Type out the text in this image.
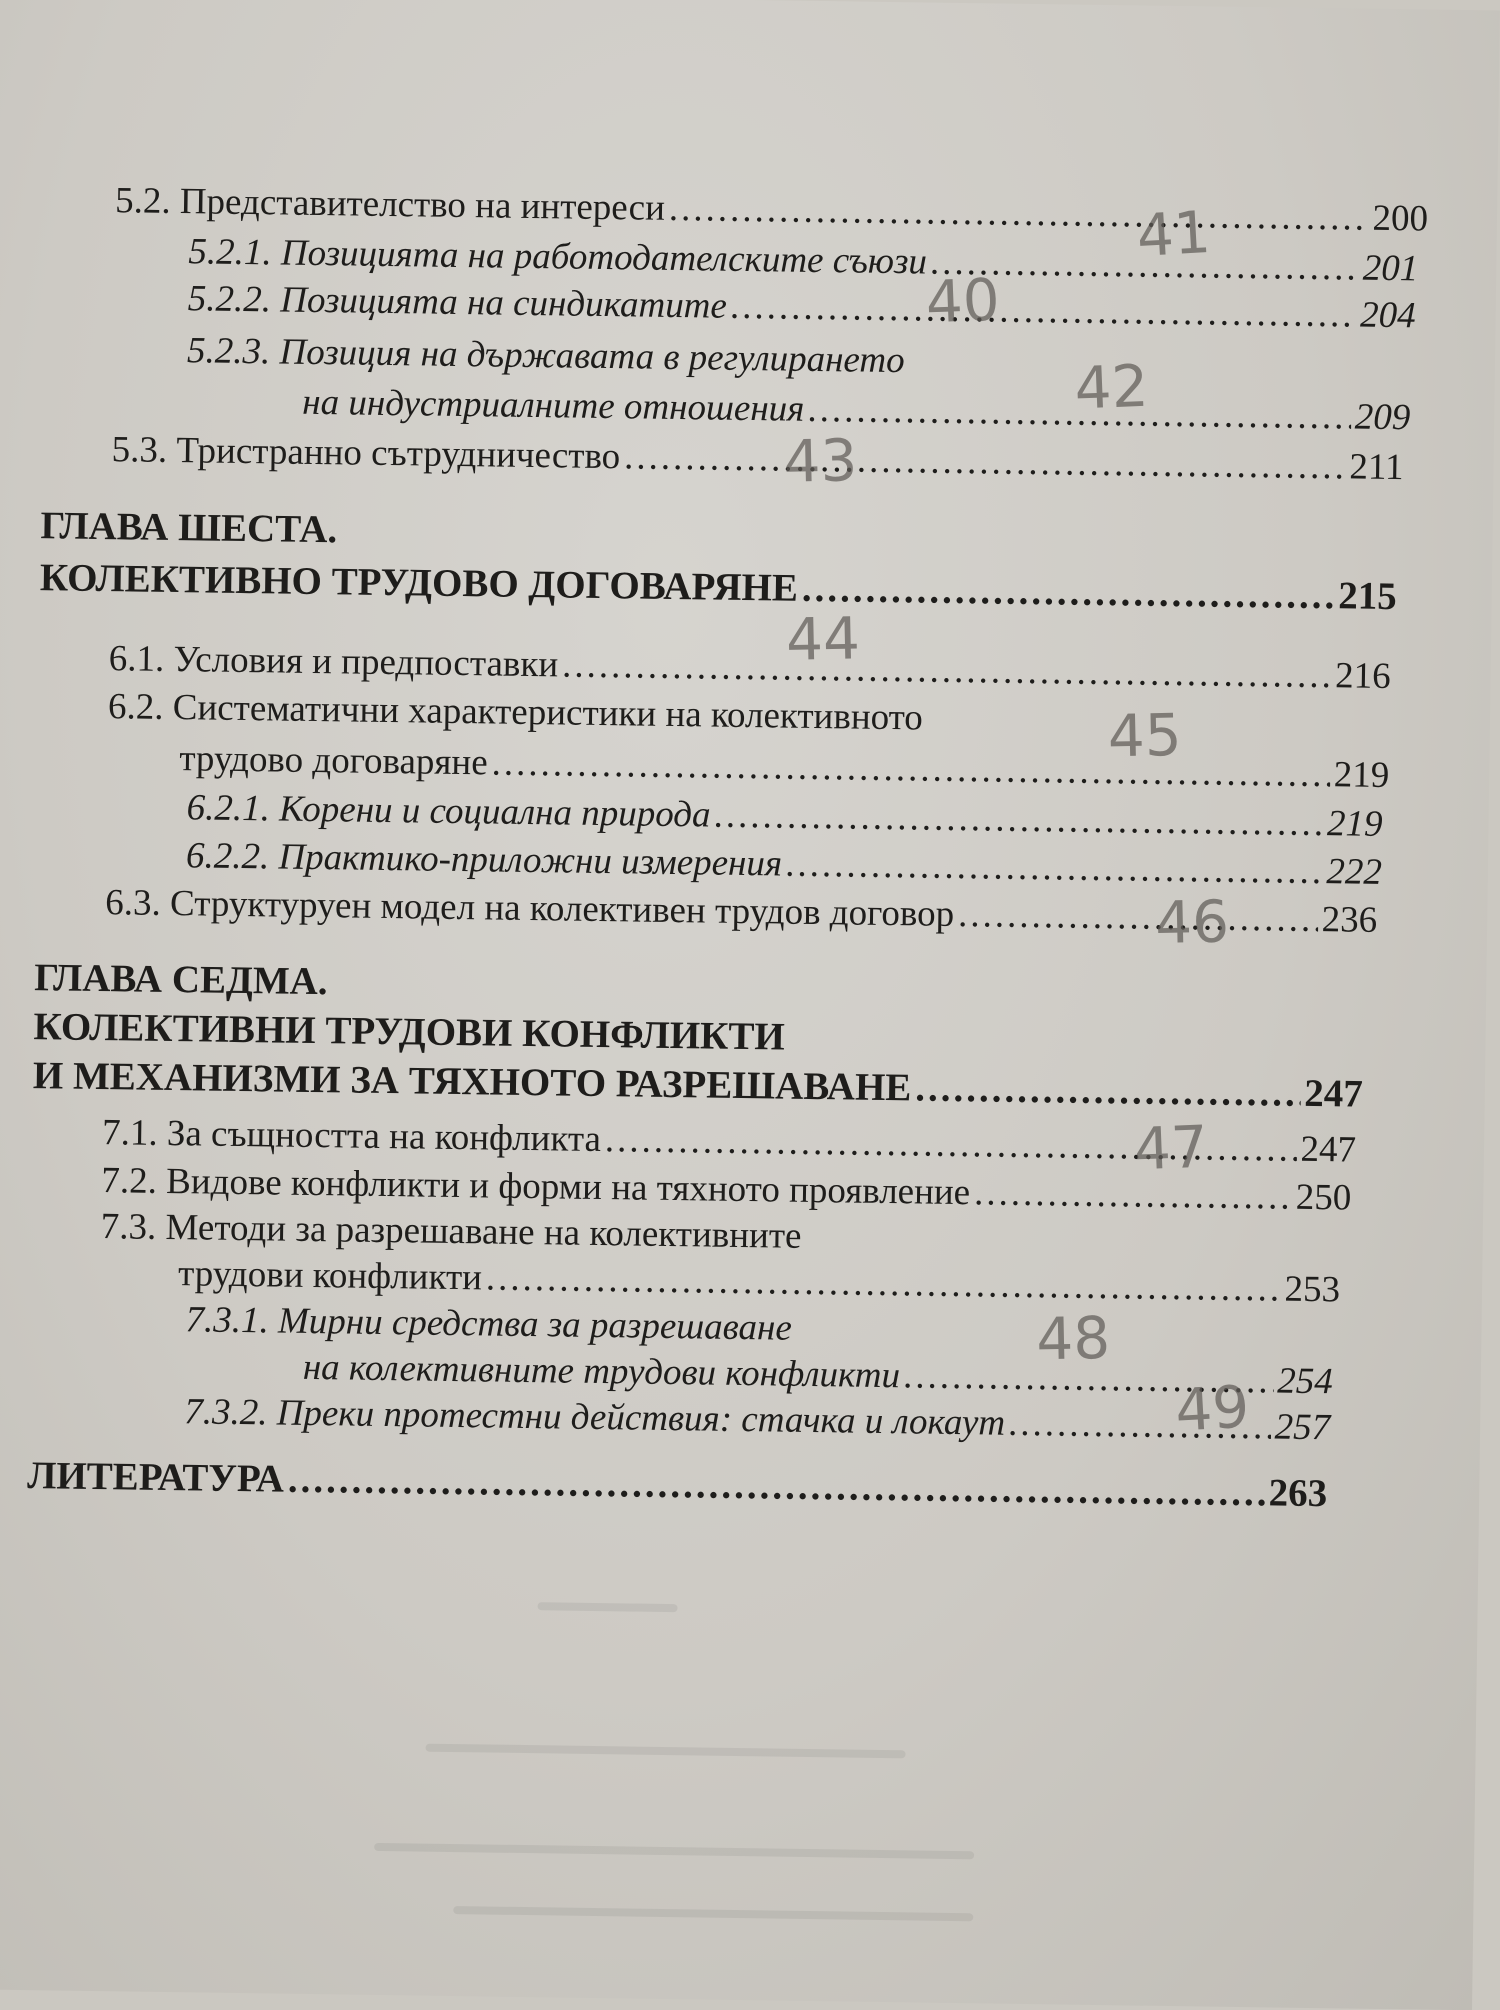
5.2. Представителство на интереси .....	200
5.2.1. Позицията на работодателските съюзи .....	201
5.2.2. Позицията на синдикатите .....	204
5.2.3. Позиция на държавата в регулирането
на индустриалните отношения .....	209
5.3. Тристранно сътрудничество .....	211
ГЛАВА ШЕСТА.
КОЛЕКТИВНО ТРУДОВО ДОГОВАРЯНЕ .....	215
6.1. Условия и предпоставки .....	216
6.2. Систематични характеристики на колективното
трудово договаряне .....	219
6.2.1. Корени и социална природа .....	219
6.2.2. Практико-приложни измерения .....	222
6.3. Структуруен модел на колективен трудов договор .....	236
ГЛАВА СЕДМА.
КОЛЕКТИВНИ ТРУДОВИ КОНФЛИКТИ
И МЕХАНИЗМИ ЗА ТЯХНОТО РАЗРЕШАВАНЕ .....	247
7.1. За същността на конфликта .....	247
7.2. Видове конфликти и форми на тяхното проявление .....	250
7.3. Методи за разрешаване на колективните
трудови конфликти .....	253
7.3.1. Мирни средства за разрешаване
на колективните трудови конфликти .....	254
7.3.2. Преки протестни действия: стачка и локаут .....	257
ЛИТЕРАТУРА .....	263
41
40
42
43
44
45
46
47
48
49
